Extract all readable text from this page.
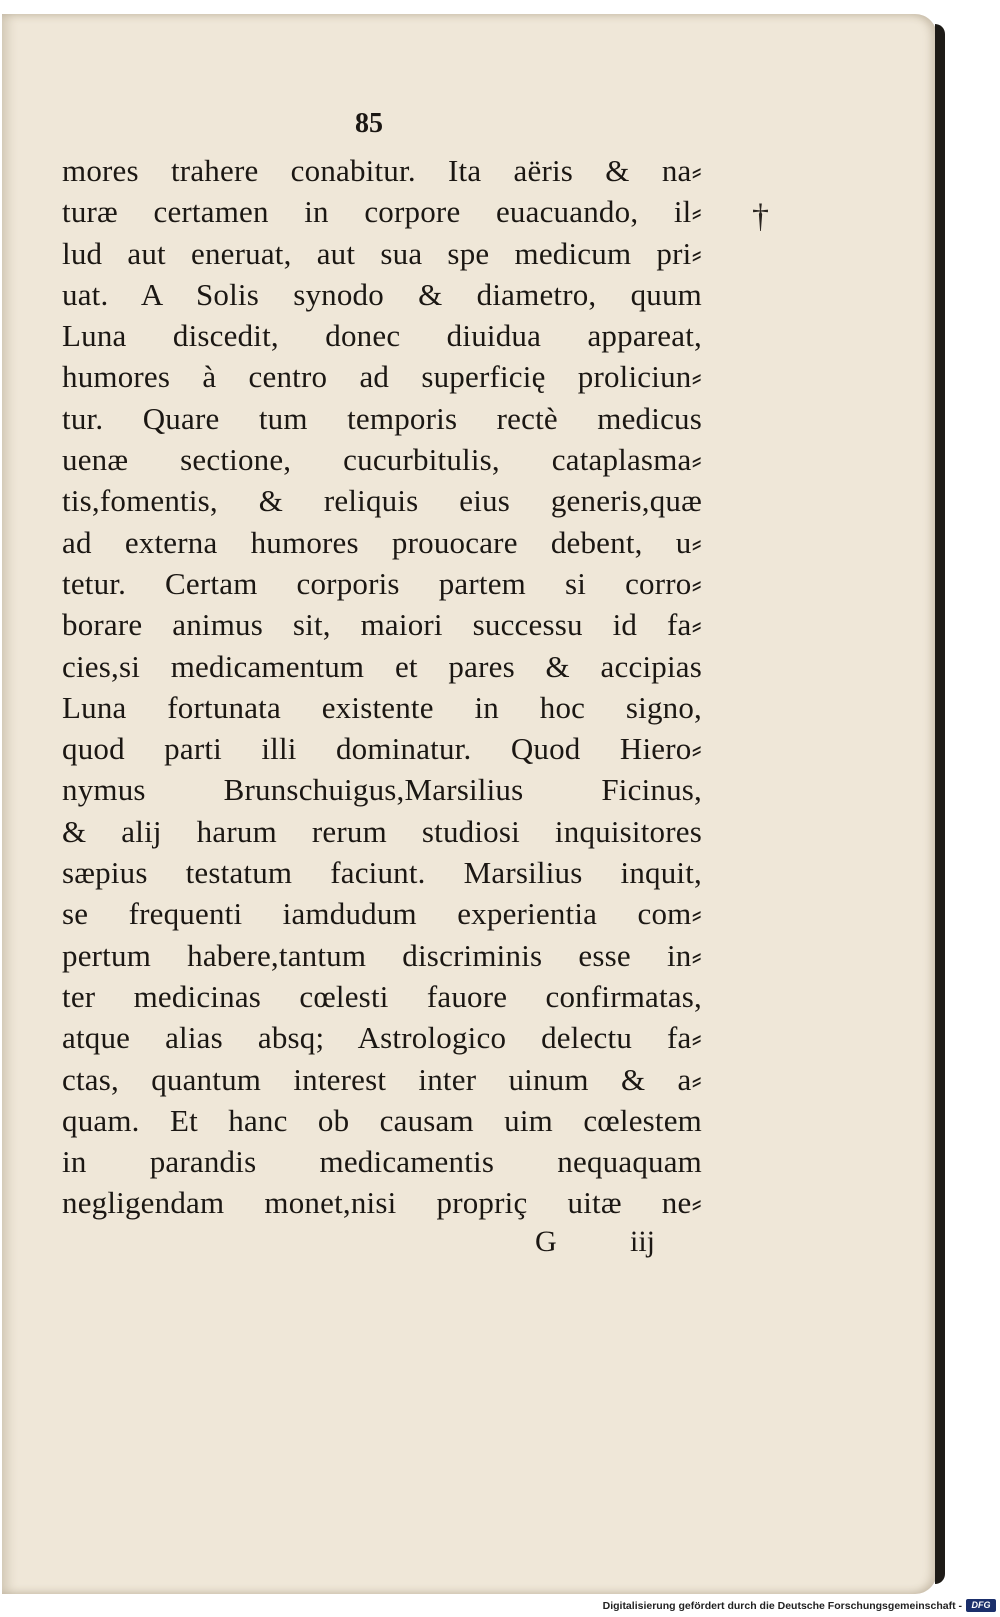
85
†
mores trahere conabitur. Ita aëris & na⸗
turæ certamen in corpore euacuando, il⸗
lud aut eneruat, aut sua spe medicum pri⸗
uat. A Solis synodo & diametro, quum
Luna discedit, donec diuidua appareat,
humores à centro ad superficię proliciun⸗
tur. Quare tum temporis rectè medicus
uenæ sectione, cucurbitulis, cataplasma⸗
tis,fomentis, & reliquis eius generis,quæ
ad externa humores prouocare debent, u⸗
tetur. Certam corporis partem si corro⸗
borare animus sit, maiori successu id fa⸗
cies,si medicamentum et pares & accipias
Luna fortunata existente in hoc signo,
quod parti illi dominatur. Quod Hiero⸗
nymus Brunschuigus,Marsilius Ficinus,
& alij harum rerum studiosi inquisitores
sæpius testatum faciunt. Marsilius inquit,
se frequenti iamdudum experientia com⸗
pertum habere,tantum discriminis esse in⸗
ter medicinas cœlesti fauore confirmatas,
atque alias absq; Astrologico delectu fa⸗
ctas, quantum interest inter uinum & a⸗
quam. Et hanc ob causam uim cœlestem
in parandis medicamentis nequaquam
negligendam monet,nisi propriç uitæ ne⸗
G iij
Digitalisierung gefördert durch die Deutsche Forschungsgemeinschaft -	DFG
